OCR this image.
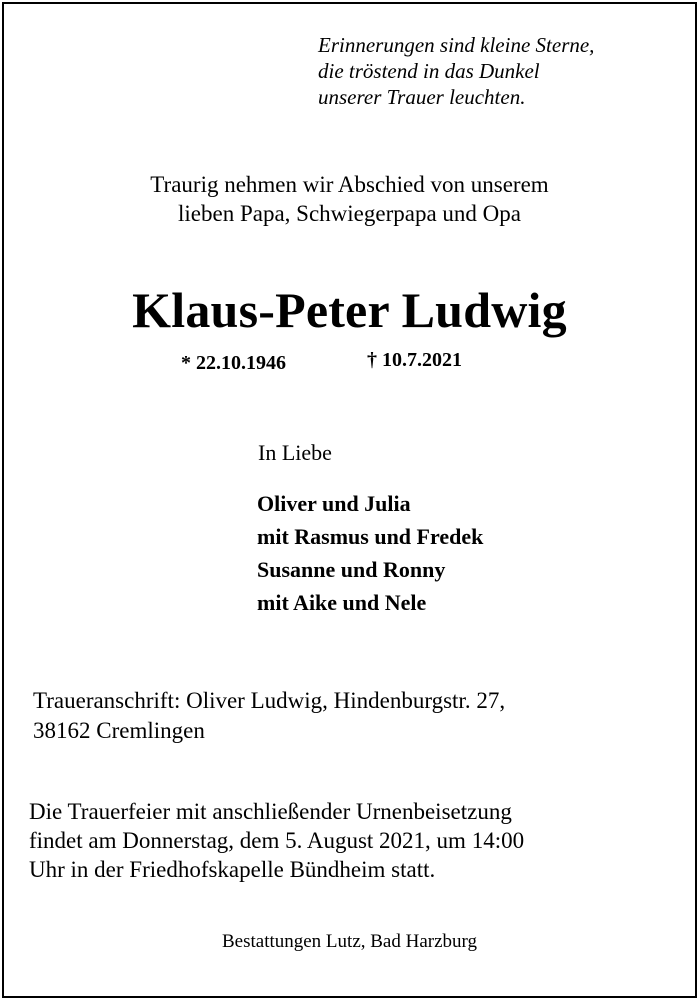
Erinnerungen sind kleine Sterne,
die tröstend in das Dunkel
unserer Trauer leuchten.
Traurig nehmen wir Abschied von unserem
lieben Papa, Schwiegerpapa und Opa
Klaus-Peter Ludwig
* 22.10.1946	† 10.7.2021
In Liebe
Oliver und Julia
mit Rasmus und Fredek
Susanne und Ronny
mit Aike und Nele
Traueranschrift: Oliver Ludwig, Hindenburgstr. 27,
38162 Cremlingen
Die Trauerfeier mit anschließender Urnenbeisetzung
findet am Donnerstag, dem 5. August 2021, um 14:00
Uhr in der Friedhofskapelle Bündheim statt.
Bestattungen Lutz, Bad Harzburg
